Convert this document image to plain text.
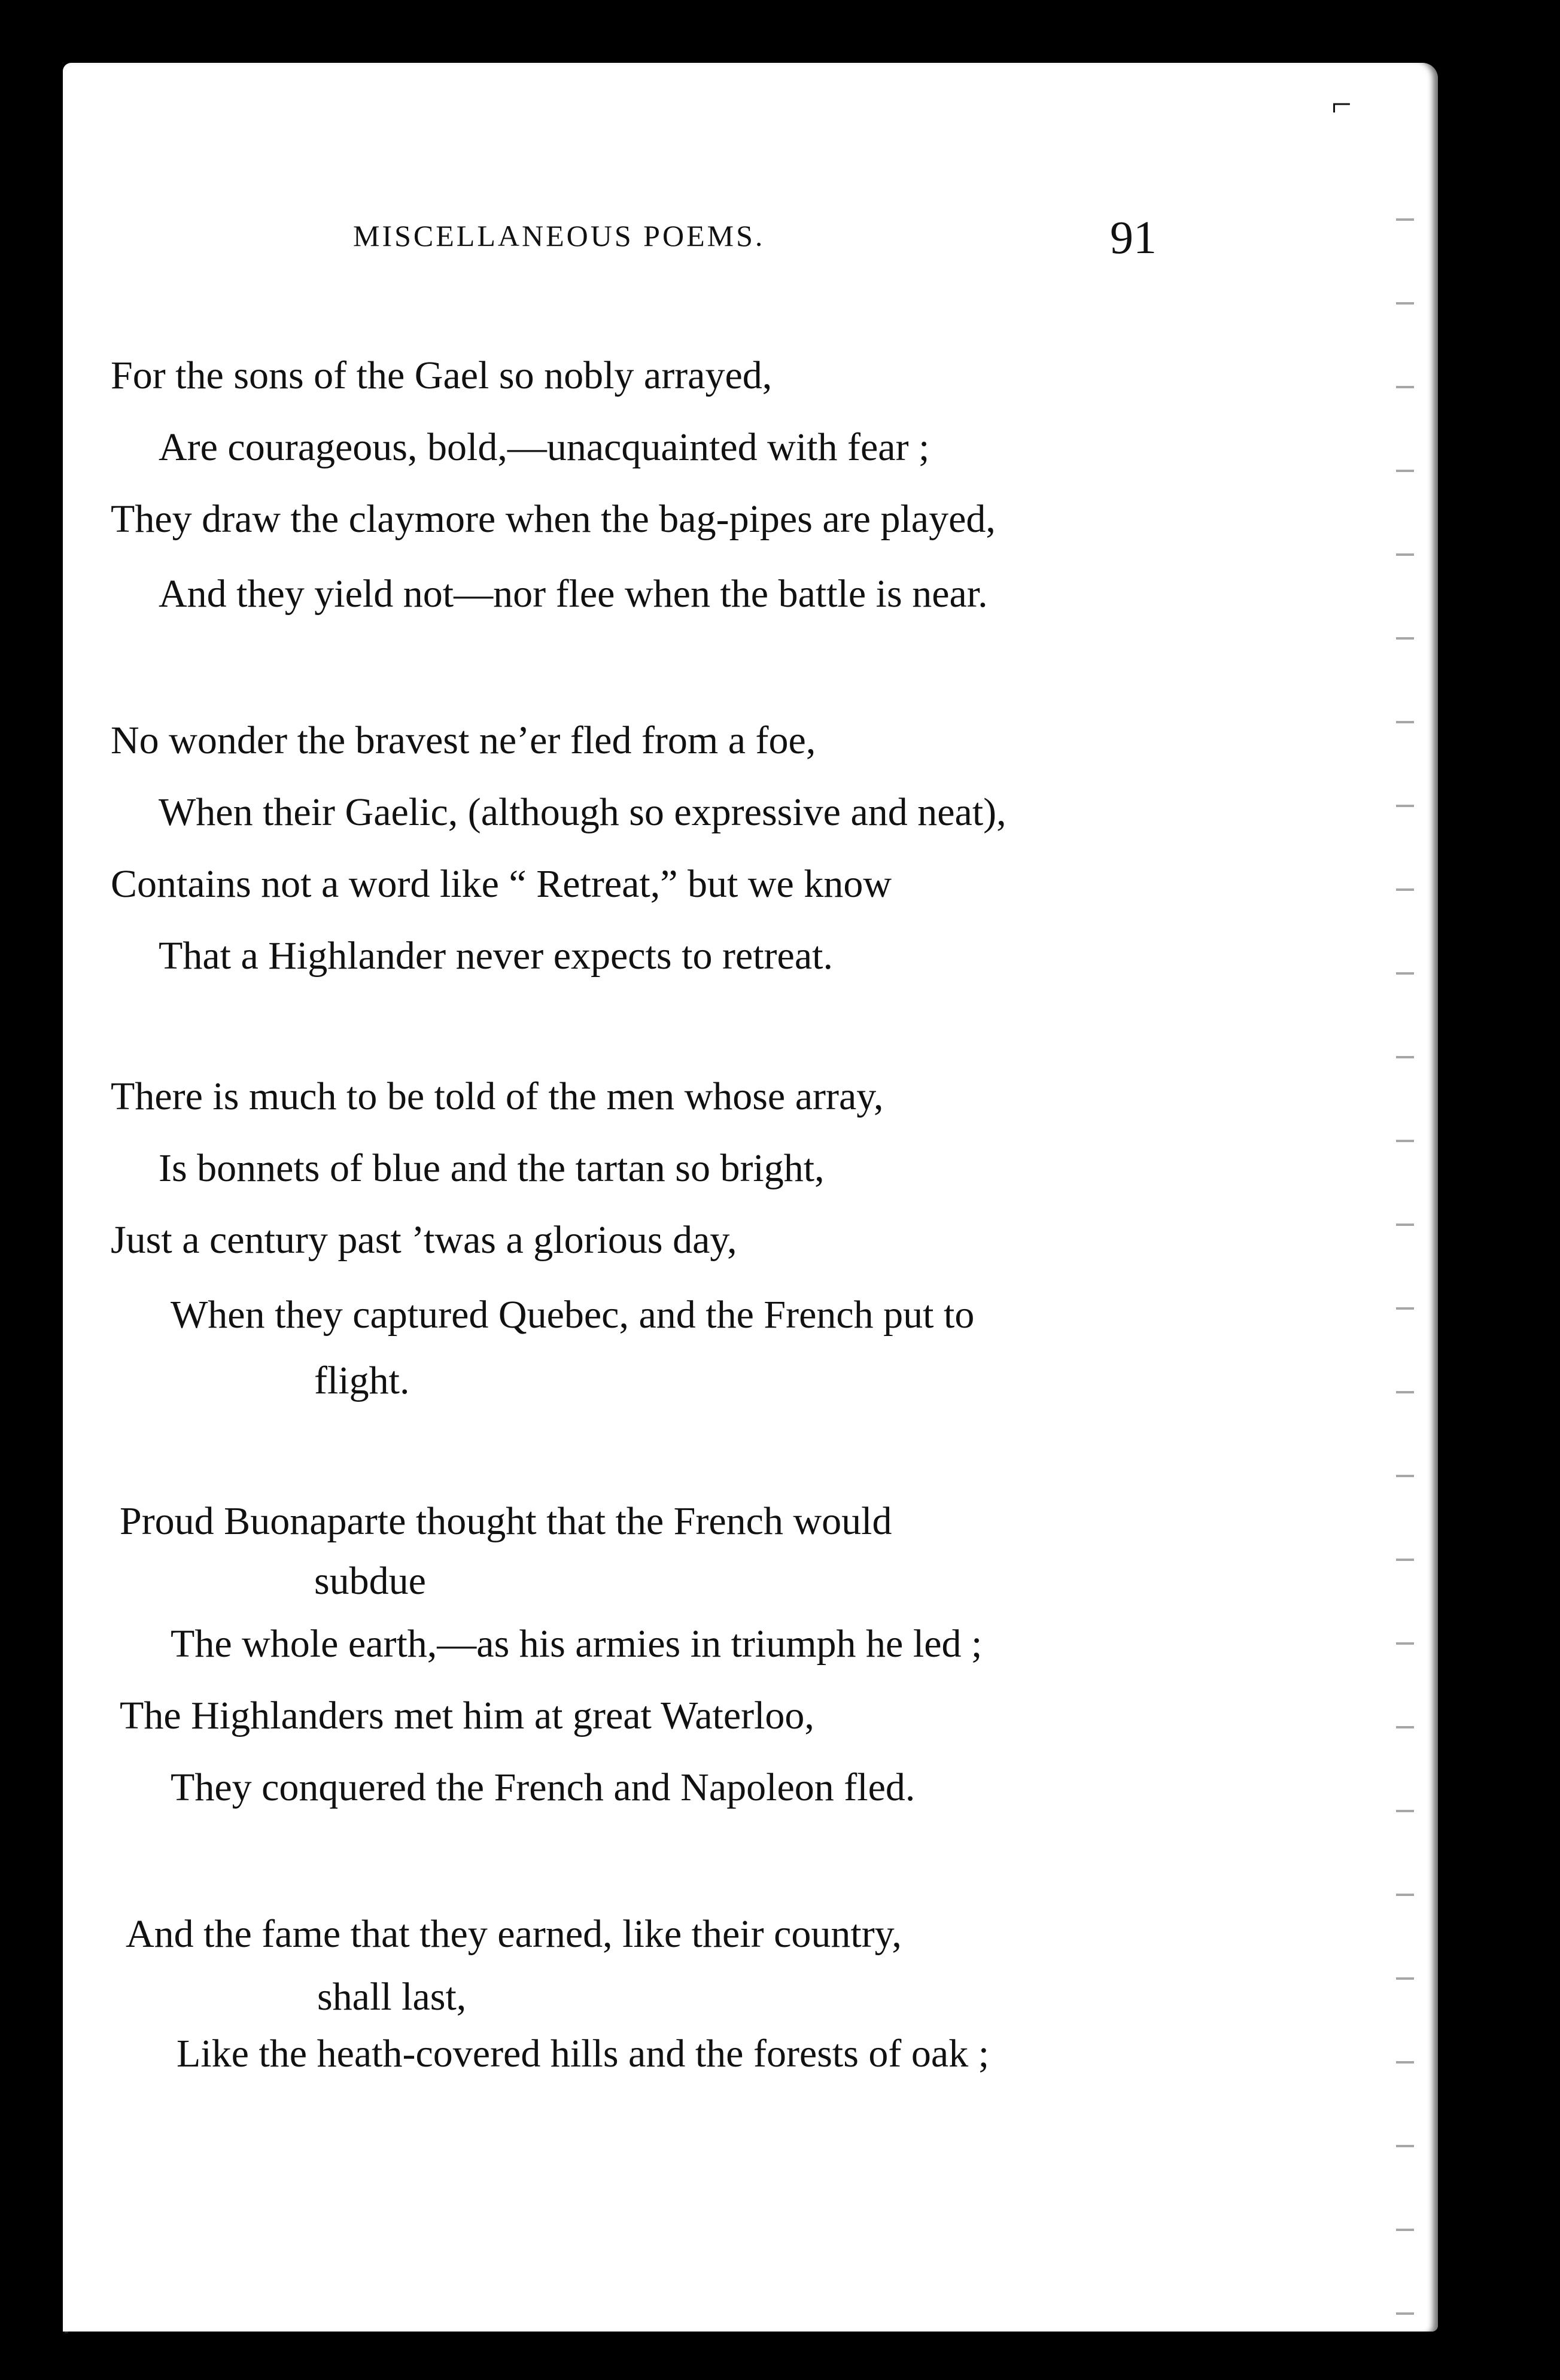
⌐
MISCELLANEOUS POEMS.	91
For the sons of the Gael so nobly arrayed,
Are courageous, bold,—unacquainted with fear ;
They draw the claymore when the bag-pipes are played,
And they yield not—nor flee when the battle is near.
No wonder the bravest ne’er fled from a foe,
When their Gaelic, (although so expressive and neat),
Contains not a word like “ Retreat,” but we know
That a Highlander never expects to retreat.
There is much to be told of the men whose array,
Is bonnets of blue and the tartan so bright,
Just a century past ’twas a glorious day,
When they captured Quebec, and the French put to
flight.
Proud Buonaparte thought that the French would
subdue
The whole earth,—as his armies in triumph he led ;
The Highlanders met him at great Waterloo,
They conquered the French and Napoleon fled.
And the fame that they earned, like their country,
shall last,
Like the heath-covered hills and the forests of oak ;
